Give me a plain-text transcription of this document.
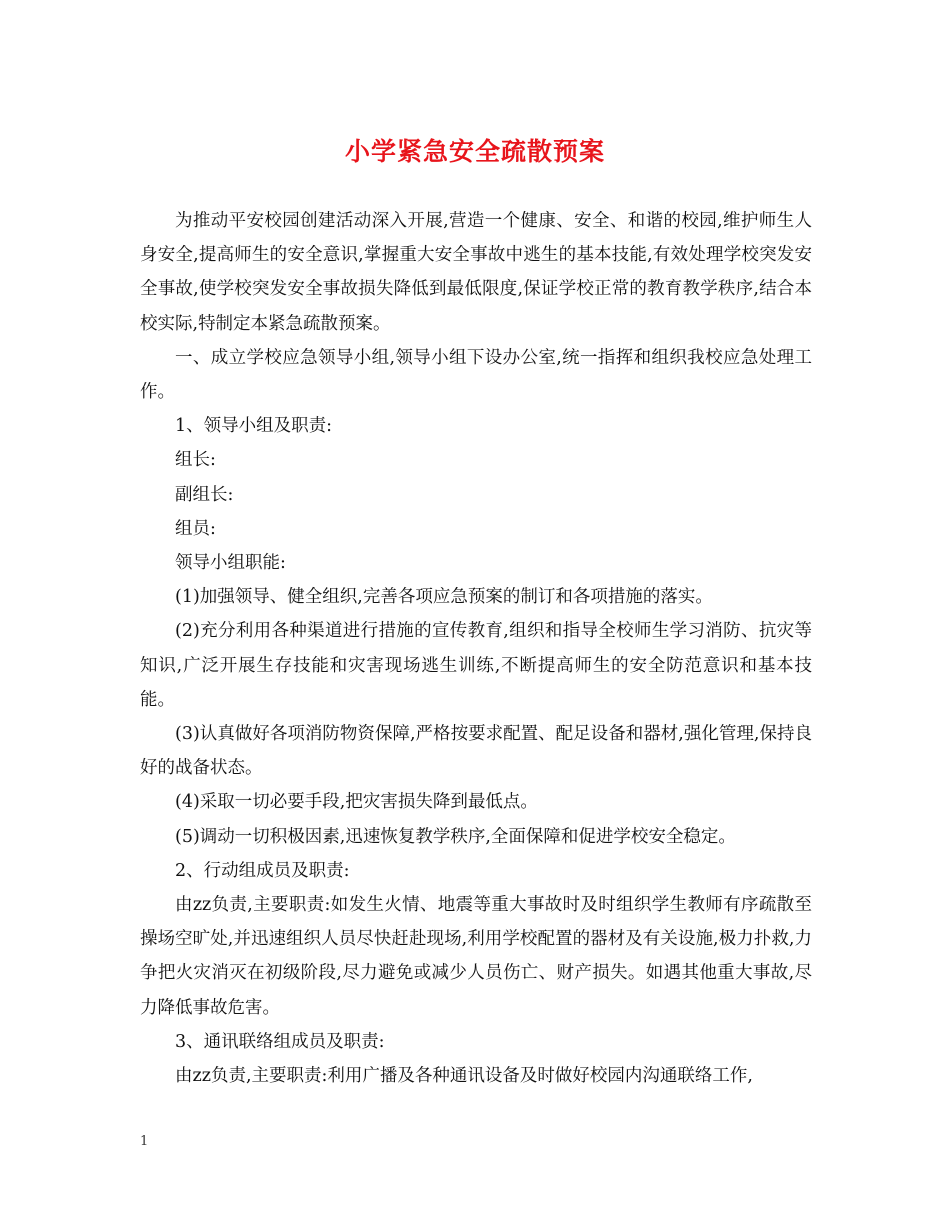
小学紧急安全疏散预案

为推动平安校园创建活动深入开展,营造一个健康、安全、和谐的校园,维护师生人身安全,提高师生的安全意识,掌握重大安全事故中逃生的基本技能,有效处理学校突发安全事故,使学校突发安全事故损失降低到最低限度,保证学校正常的教育教学秩序,结合本校实际,特制定本紧急疏散预案。

一、成立学校应急领导小组,领导小组下设办公室,统一指挥和组织我校应急处理工作。

1、领导小组及职责:

组长:

副组长:

组员:

领导小组职能:

(1)加强领导、健全组织,完善各项应急预案的制订和各项措施的落实。

(2)充分利用各种渠道进行措施的宣传教育,组织和指导全校师生学习消防、抗灾等知识,广泛开展生存技能和灾害现场逃生训练,不断提高师生的安全防范意识和基本技能。

(3)认真做好各项消防物资保障,严格按要求配置、配足设备和器材,强化管理,保持良好的战备状态。

(4)采取一切必要手段,把灾害损失降到最低点。

(5)调动一切积极因素,迅速恢复教学秩序,全面保障和促进学校安全稳定。

2、行动组成员及职责:

由zz负责,主要职责:如发生火情、地震等重大事故时及时组织学生教师有序疏散至操场空旷处,并迅速组织人员尽快赶赴现场,利用学校配置的器材及有关设施,极力扑救,力争把火灾消灭在初级阶段,尽力避免或减少人员伤亡、财产损失。如遇其他重大事故,尽力降低事故危害。

3、通讯联络组成员及职责:

由zz负责,主要职责:利用广播及各种通讯设备及时做好校园内沟通联络工作,

1
